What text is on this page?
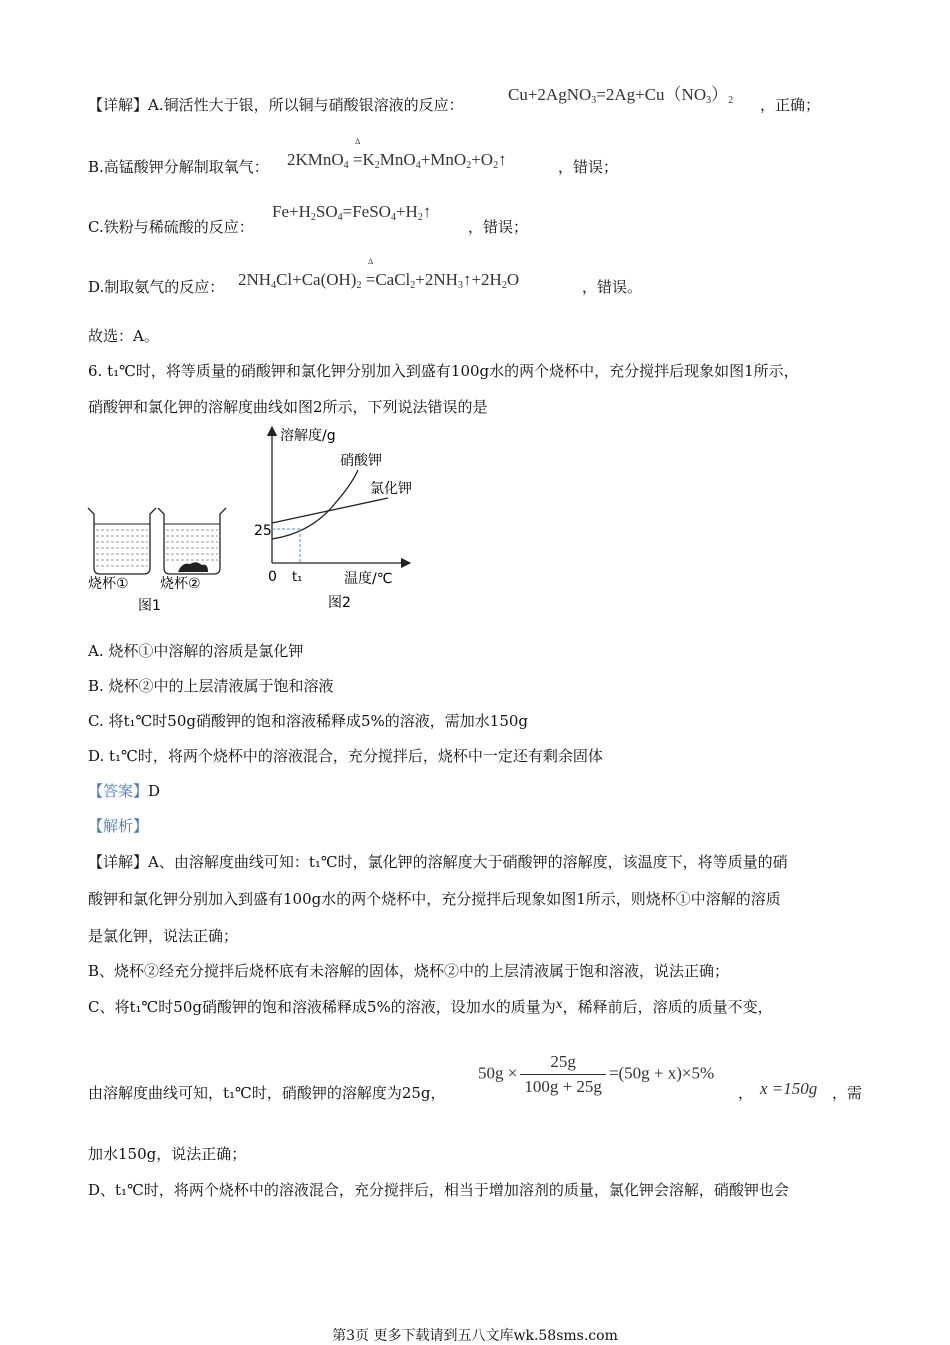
【详解】A.铜活性大于银，所以铜与硝酸银溶液的反应：
$Cu+2AgNO_3=2Ag+Cu(NO_3)_2$ ，正确；
B.高锰酸钾分解制取氧气： 2KMnO$_4$ =
Δ
$K_2MnO_4+MnO_2+O_2↑$	，错误；
C.铁粉与稀硫酸的反应：
$Fe+H_2SO_4=FeSO_4+H_2↑$
，错误；
D.制取氨气的反应： $2NH_4Cl+Ca(OH)_2$ =
Δ
$CaCl_2+2NH_3↑+2H_2O$	，错误。
故选：A。
6. t₁℃时，将等质量的硝酸钾和氯化钾分别加入到盛有100g水的两个烧杯中，充分搅拌后现象如图1所示，
硝酸钾和氯化钾的溶解度曲线如图2所示，下列说法错误的是
烧杯① 烧杯②
图1
溶解度/g
硝酸钾
氯化钾
25
0 t₁	温度/℃
图2
A. 烧杯①中溶解的溶质是氯化钾
B. 烧杯②中的上层清液属于饱和溶液
C. 将t₁℃时50g硝酸钾的饱和溶液稀释成5%的溶液，需加水150g
D. t₁℃时，将两个烧杯中的溶液混合，充分搅拌后，烧杯中一定还有剩余固体
【答案】D
【解析】
【详解】A、由溶解度曲线可知：t₁℃时，氯化钾的溶解度大于硝酸钾的溶解度，该温度下，将等质量的硝
酸钾和氯化钾分别加入到盛有100g水的两个烧杯中，充分搅拌后现象如图1所示，则烧杯①中溶解的溶质
是氯化钾，说法正确；
B、烧杯②经充分搅拌后烧杯底有未溶解的固体，烧杯②中的上层清液属于饱和溶液，说法正确；
C、将t₁℃时50g硝酸钾的饱和溶液稀释成5%的溶液，设加水的质量为$^x$，稀释前后，溶质的质量不变，
由溶解度曲线可知，t₁℃时，硝酸钾的溶解度为25g，
$50g \times \frac{25g}{100g + 25g} =(50g + x)\times 5\%$
， x =150g ，需
加水150g，说法正确；
D、t₁℃时，将两个烧杯中的溶液混合，充分搅拌后，相当于增加溶剂的质量，氯化钾会溶解，硝酸钾也会
第3页 更多下载请到五八文库wk.58sms.com
